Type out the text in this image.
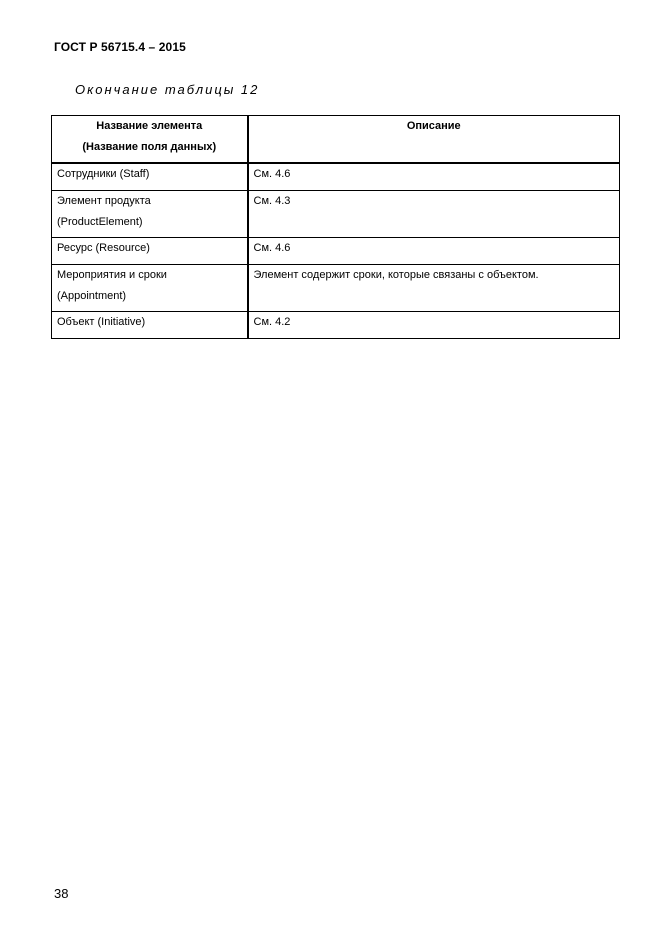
ГОСТ Р 56715.4 – 2015
Окончание таблицы 12
Название элемента
(Название поля данных)	Описание

Сотрудники (Staff)	См. 4.6

Элемент продукта
(ProductElement)	См. 4.3

Ресурс (Resource)	См. 4.6

Мероприятия и сроки
(Appointment)	Элемент содержит сроки, которые связаны с объектом.

Объект (Initiative)	См. 4.2
38
